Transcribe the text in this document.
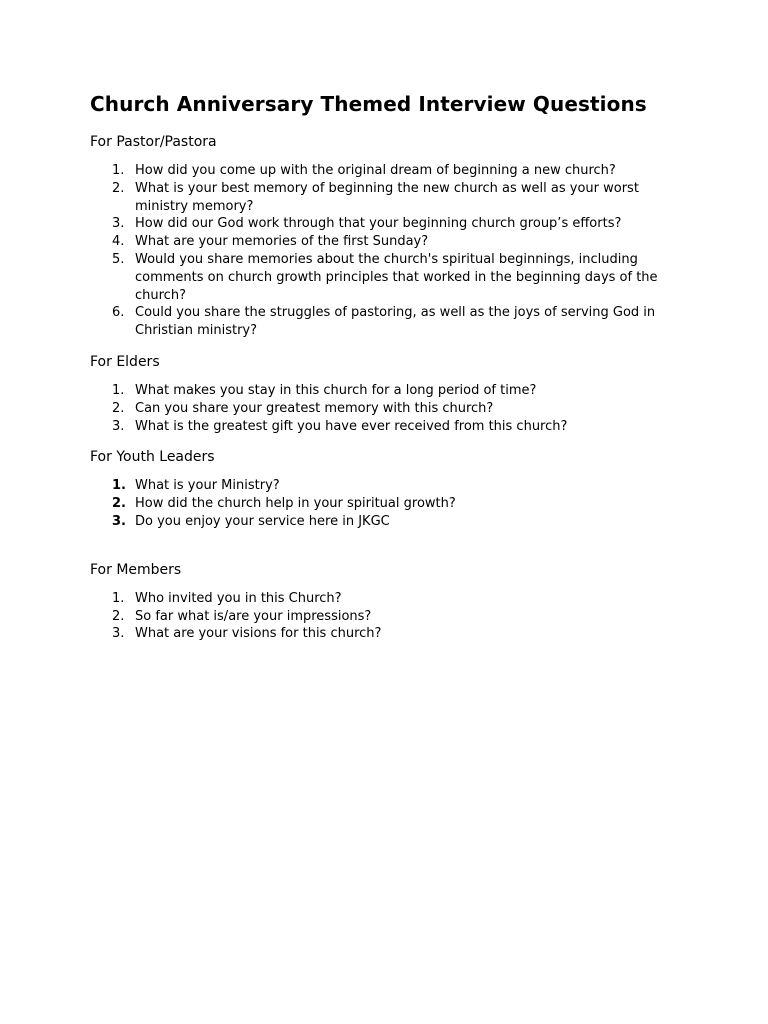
Church Anniversary Themed Interview Questions
For Pastor/Pastora
1. How did you come up with the original dream of beginning a new church?
2. What is your best memory of beginning the new church as well as your worst ministry memory?
3. How did our God work through that your beginning church group’s efforts?
4. What are your memories of the first Sunday?
5. Would you share memories about the church's spiritual beginnings, including comments on church growth principles that worked in the beginning days of the church?
6. Could you share the struggles of pastoring, as well as the joys of serving God in Christian ministry?
For Elders
1. What makes you stay in this church for a long period of time?
2. Can you share your greatest memory with this church?
3. What is the greatest gift you have ever received from this church?
For Youth Leaders
1. What is your Ministry?
2. How did the church help in your spiritual growth?
3. Do you enjoy your service here in JKGC
For Members
1. Who invited you in this Church?
2. So far what is/are your impressions?
3. What are your visions for this church?
